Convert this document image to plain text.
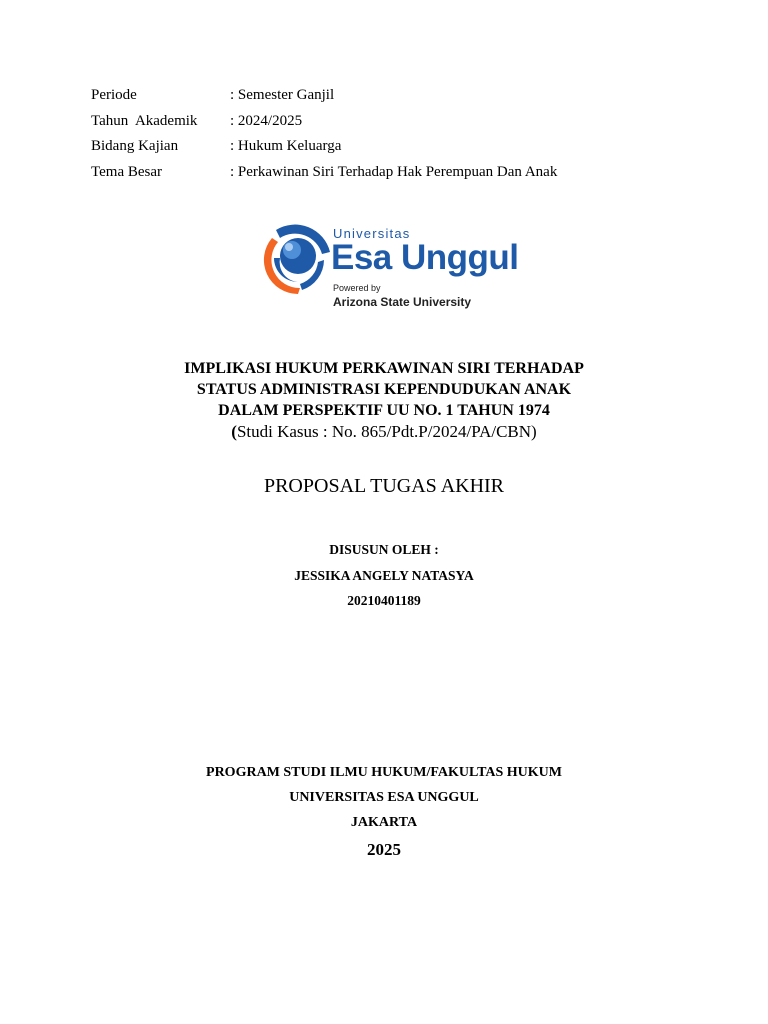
Periode	: Semester Ganjil
Tahun  Akademik	: 2024/2025
Bidang Kajian	: Hukum Keluarga
Tema Besar	: Perkawinan Siri Terhadap Hak Perempuan Dan Anak
Universitas
Esa Unggul
Powered by
Arizona State University
IMPLIKASI HUKUM PERKAWINAN SIRI TERHADAP
STATUS ADMINISTRASI KEPENDUDUKAN ANAK
DALAM PERSPEKTIF UU NO. 1 TAHUN 1974
(Studi Kasus : No. 865/Pdt.P/2024/PA/CBN)
PROPOSAL TUGAS AKHIR
DISUSUN OLEH :
JESSIKA ANGELY NATASYA
20210401189
PROGRAM STUDI ILMU HUKUM/FAKULTAS HUKUM
UNIVERSITAS ESA UNGGUL
JAKARTA
2025
